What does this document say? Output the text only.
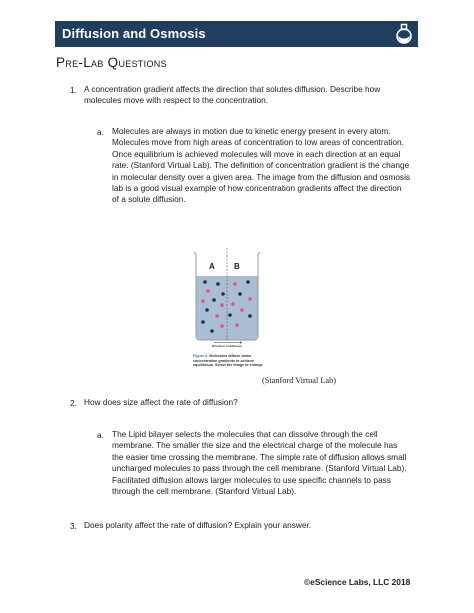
Diffusion and Osmosis
Pre-Lab Questions
1. A concentration gradient affects the direction that solutes diffusion. Describe how
molecules move with respect to the concentration.
a. Molecules are always in motion due to kinetic energy present in every atom.
Molecules move from high areas of concentration to low areas of concentration.
Once equilibrium is achieved molecules will move in each direction at an equal
rate. (Stanford Virtual Lab). The definition of concentration gradient is the change
in molecular density over a given area. The image from the diffusion and osmosis
lab is a good visual example of how concentration gradients affect the direction
of a solute diffusion.
A B
Direction of diffusion
Figure 2. Molecules diffuse down concentration gradients to achieve equilibrium. Select the image to enlarge
(Stanford Virtual Lab)
2. How does size affect the rate of diffusion?
a. The Lipid bilayer selects the molecules that can dissolve through the cell
membrane. The smaller the size and the electrical charge of the molecule has
the easier time crossing the membrane. The simple rate of diffusion allows small
uncharged molecules to pass through the cell membrane. (Stanford Virtual Lab).
Facilitated diffusion allows larger molecules to use specific channels to pass
through the cell membrane. (Stanford Virtual Lab).
3. Does polarity affect the rate of diffusion? Explain your answer.
©eScience Labs, LLC 2018
